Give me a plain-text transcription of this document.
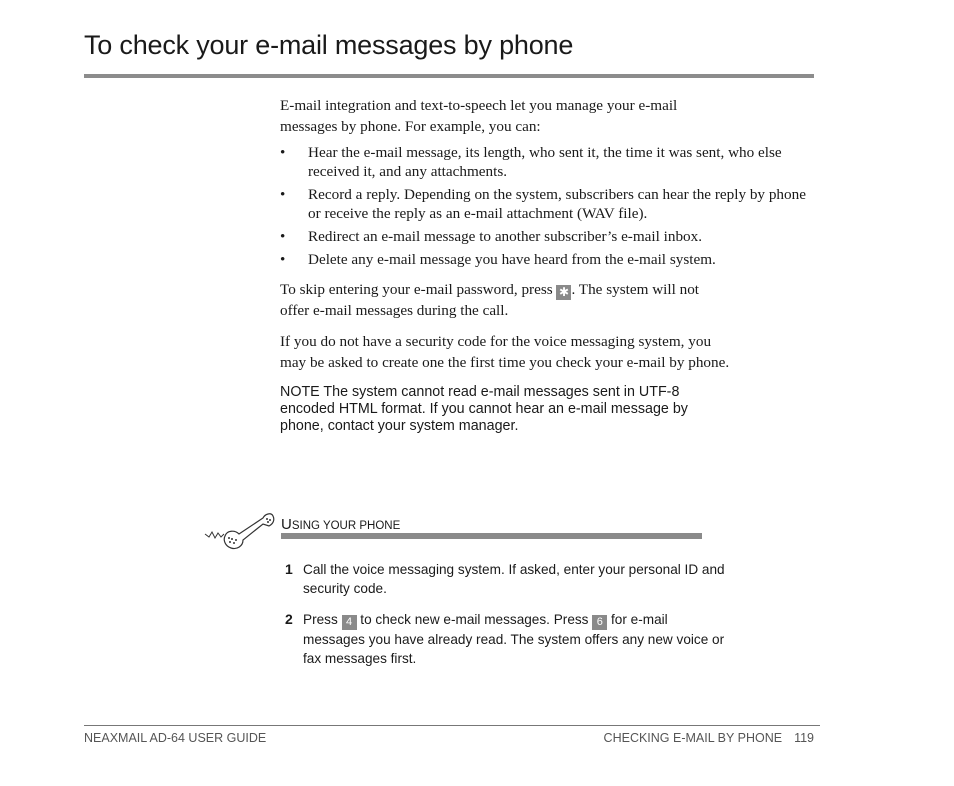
To check your e-mail messages by phone

E-mail integration and text-to-speech let you manage your e-mail messages by phone. For example, you can:

• Hear the e-mail message, its length, who sent it, the time it was sent, who else received it, and any attachments.
• Record a reply. Depending on the system, subscribers can hear the reply by phone or receive the reply as an e-mail attachment (WAV file).
• Redirect an e-mail message to another subscriber’s e-mail inbox.
• Delete any e-mail message you have heard from the e-mail system.

To skip entering your e-mail password, press ✱ . The system will not offer e-mail messages during the call.

If you do not have a security code for the voice messaging system, you may be asked to create one the first time you check your e-mail by phone.

NOTE The system cannot read e-mail messages sent in UTF-8 encoded HTML format. If you cannot hear an e-mail message by phone, contact your system manager.

USING YOUR PHONE
1 Call the voice messaging system. If asked, enter your personal ID and security code.
2 Press 4 to check new e-mail messages. Press 6 for e-mail messages you have already read. The system offers any new voice or fax messages first.
NEAXMAIL AD-64 USER GUIDE	CHECKING E-MAIL BY PHONE 119
